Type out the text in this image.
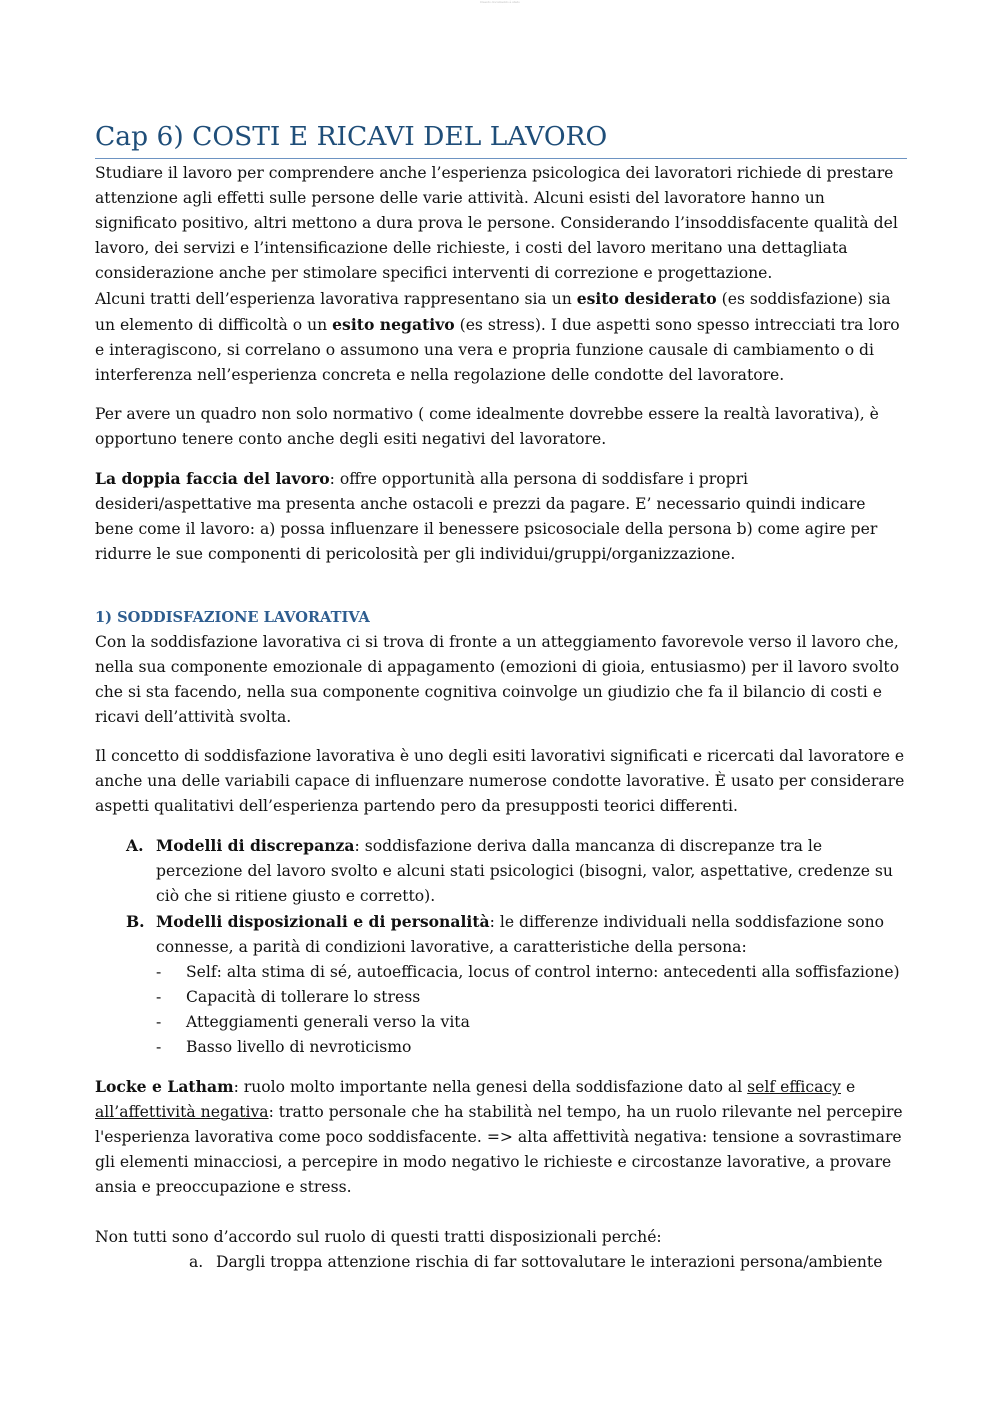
Questo documento è stato
Cap 6) COSTI E RICAVI DEL LAVORO

Studiare il lavoro per comprendere anche l’esperienza psicologica dei lavoratori richiede di prestare attenzione agli effetti sulle persone delle varie attività. Alcuni esisti del lavoratore hanno un significato positivo, altri mettono a dura prova le persone. Considerando l’insoddisfacente qualità del lavoro, dei servizi e l’intensificazione delle richieste, i costi del lavoro meritano una dettagliata considerazione anche per stimolare specifici interventi di correzione e progettazione.

Alcuni tratti dell’esperienza lavorativa rappresentano sia un esito desiderato (es soddisfazione) sia un elemento di difficoltà o un esito negativo (es stress). I due aspetti sono spesso intrecciati tra loro e interagiscono, si correlano o assumono una vera e propria funzione causale di cambiamento o di interferenza nell’esperienza concreta e nella regolazione delle condotte del lavoratore.

Per avere un quadro non solo normativo ( come idealmente dovrebbe essere la realtà lavorativa), è opportuno tenere conto anche degli esiti negativi del lavoratore.

La doppia faccia del lavoro: offre opportunità alla persona di soddisfare i propri desideri/aspettative ma presenta anche ostacoli e prezzi da pagare. E’ necessario quindi indicare bene come il lavoro: a) possa influenzare il benessere psicosociale della persona b) come agire per ridurre le sue componenti di pericolosità per gli individui/gruppi/organizzazione.

1) SODDISFAZIONE LAVORATIVA

Con la soddisfazione lavorativa ci si trova di fronte a un atteggiamento favorevole verso il lavoro che, nella sua componente emozionale di appagamento (emozioni di gioia, entusiasmo) per il lavoro svolto che si sta facendo, nella sua componente cognitiva coinvolge un giudizio che fa il bilancio di costi e ricavi dell’attività svolta.

Il concetto di soddisfazione lavorativa è uno degli esiti lavorativi significati e ricercati dal lavoratore e anche una delle variabili capace di influenzare numerose condotte lavorative. È usato per considerare aspetti qualitativi dell’esperienza partendo pero da presupposti teorici differenti.

A. Modelli di discrepanza: soddisfazione deriva dalla mancanza di discrepanze tra le percezione del lavoro svolto e alcuni stati psicologici (bisogni, valor, aspettative, credenze su ciò che si ritiene giusto e corretto).
B. Modelli disposizionali e di personalità: le differenze individuali nella soddisfazione sono connesse, a parità di condizioni lavorative, a caratteristiche della persona:
- Self: alta stima di sé, autoefficacia, locus of control interno: antecedenti alla soffisfazione)
- Capacità di tollerare lo stress
- Atteggiamenti generali verso la vita
- Basso livello di nevroticismo

Locke e Latham: ruolo molto importante nella genesi della soddisfazione dato al self efficacy e all’affettività negativa: tratto personale che ha stabilità nel tempo, ha un ruolo rilevante nel percepire l'esperienza lavorativa come poco soddisfacente. => alta affettività negativa: tensione a sovrastimare gli elementi minacciosi, a percepire in modo negativo le richieste e circostanze lavorative, a provare ansia e preoccupazione e stress.

Non tutti sono d’accordo sul ruolo di questi tratti disposizionali perché:

a. Dargli troppa attenzione rischia di far sottovalutare le interazioni persona/ambiente
